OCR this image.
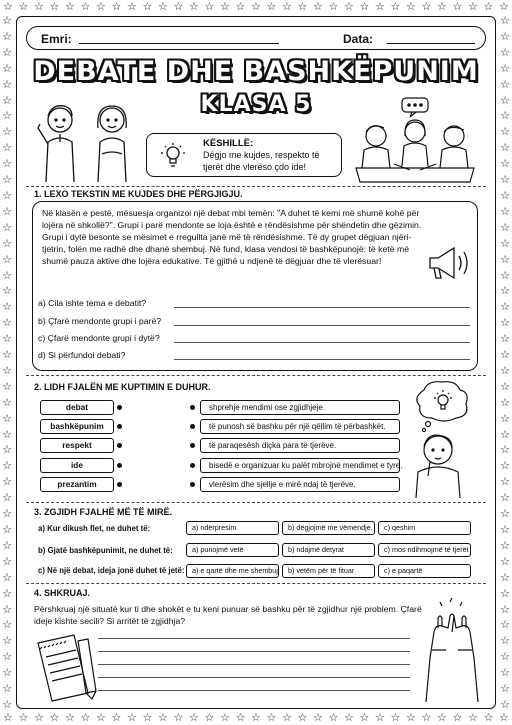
☆ ☆ ☆ ☆ ☆ ☆ ☆ ☆ ☆ ☆ ☆ ☆ ☆ ☆ ☆ ☆ ☆ ☆ ☆ ☆ ☆ ☆ ☆ ☆ ☆ ☆ ☆ ☆ ☆ ☆ ☆ ☆ ☆
☆ ☆ ☆ ☆ ☆ ☆ ☆ ☆ ☆ ☆ ☆ ☆ ☆ ☆ ☆ ☆ ☆ ☆ ☆ ☆ ☆ ☆ ☆ ☆ ☆ ☆ ☆ ☆ ☆ ☆ ☆ ☆ ☆
☆
☆
☆
☆
☆
☆
☆
☆
☆
☆
☆
☆
☆
☆
☆
☆
☆
☆
☆
☆
☆
☆
☆
☆
☆
☆
☆
☆
☆
☆
☆
☆
☆
☆
☆
☆
☆
☆
☆
☆
☆
☆
☆
☆
☆
☆
☆
☆
☆
☆
☆
☆
☆
☆
☆
☆
☆
☆
☆
☆
☆
☆
☆
☆
☆
☆
☆
☆
☆
☆
☆
☆
☆
☆
☆
☆
☆
☆
☆
☆
☆
☆
☆
☆
☆
☆
☆
☆
Emri:	Data:
DEBATE DHE BASHKËPUNIM
KLASA 5
KËSHILLË:
Dëgjo me kujdes, respekto të tjerët dhe vlerëso çdo ide!
1. LEXO TEKSTIN ME KUJDES DHE PËRGJIGJU.
Në klasën e pestë, mësuesja organizoi një debat mbi temën: "A duhet të kemi më shumë kohë për lojëra në shkollë?". Grupi i parë mendonte se loja është e rëndësishme për shëndetin dhe gëzimin. Grupi i dytë besonte se mësimet e rregullta janë më të rëndësishme. Të dy grupet dëgjuan njëri-tjetrin, folën me radhë dhe dhanë shembuj. Në fund, klasa vendosi të bashkëpunojë: të ketë më shumë pauza aktive dhe lojëra edukative. Të gjithë u ndjenë të dëgjuar dhe të vlerësuar!
a) Cila ishte tema e debatit?
b) Çfarë mendonte grupi i parë?
c) Çfarë mendonte grupi i dytë?
d) Si përfundoi debati?
2. LIDH FJALËN ME KUPTIMIN E DUHUR.
debat	shprehje mendimi ose zgjidhjeje.
bashkëpunim	të punosh së bashku për një qëllim të përbashkët.
respekt	të paraqesësh diçka para të tjerëve.
ide	bisedë e organizuar ku palët mbrojnë mendimet e tyre.
prezantim	vlerësim dhe sjellje e mirë ndaj të tjerëve.
3. ZGJIDH FJALНЁ MË TË MIRË.
a) Kur dikush flet, ne duhet të:	a) ndërpresim	b) dëgjojmë me vëmendje.	c) qeshim
b) Gjatë bashkëpunimit, ne duhet të:	a) punojmë vetë	b) ndajmë detyrat	c) mos ndihmojmë të tjerët
c) Në një debat, ideja jonë duhet të jetë:	a) e qartë dhe me shembuj	b) vetëm për të fituar	c) e paqartë
4. SHKRUAJ.
Përshkruaj një situatë kur ti dhe shokët e tu keni punuar së bashku për të zgjidhur një problem. Çfarë ideje kishte secili? Si arritët të zgjidhja?
